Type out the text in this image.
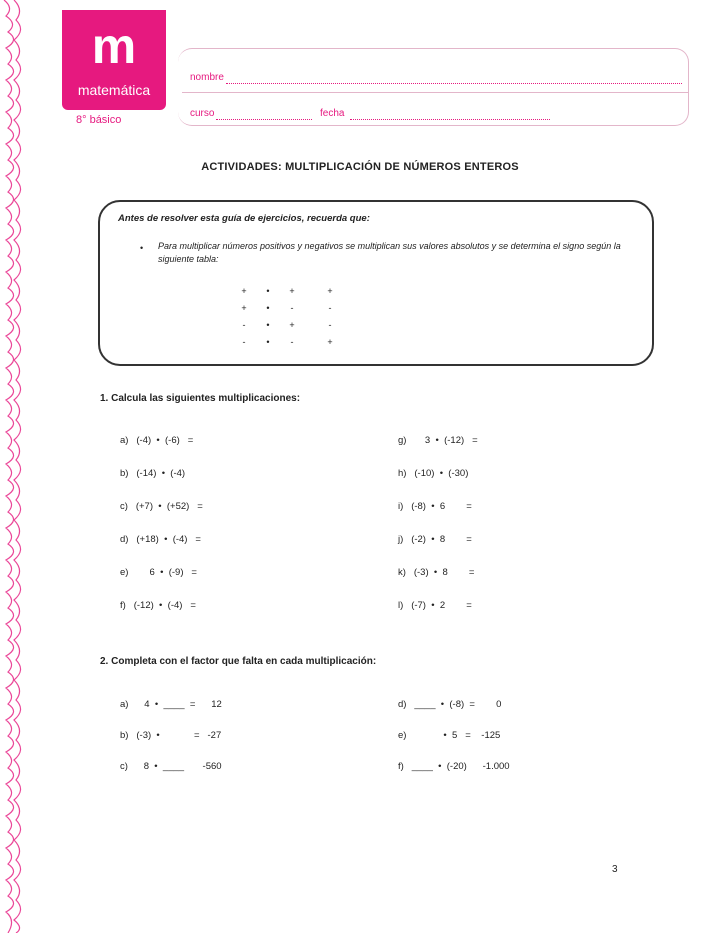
m
matemática
8° básico
nombre
curso	fecha
ACTIVIDADES: MULTIPLICACIÓN DE NÚMEROS ENTEROS
Antes de resolver esta guía de ejercicios, recuerda que:
• Para multiplicar números positivos y negativos se multiplican sus valores absolutos y se determina el signo según la siguiente tabla:
+	•	+	+
+	•	-	-
-	•	+	-
-	•	-	+
1. Calcula las siguientes multiplicaciones:
a)   (-4)  •  (-6)   =
b)   (-14)  •  (-4)
c)   (+7)  •  (+52)   =
d)   (+18)  •  (-4)   =
e)        6  •  (-9)   =
f)   (-12)  •  (-4)   =
g)       3  •  (-12)   =
h)   (-10)  •  (-30)
i)   (-8)  •  6        =
j)   (-2)  •  8        =
k)   (-3)  •  8        =
l)   (-7)  •  2        =
2. Completa con el factor que falta en cada multiplicación:
a)      4  •  ____  =      12
b)   (-3)  •             =   -27
c)      8  •  ____       -560
d)   ____  •  (-8)  =        0
e)              •  5   =    -125
f)   ____  •  (-20)      -1.000
3
